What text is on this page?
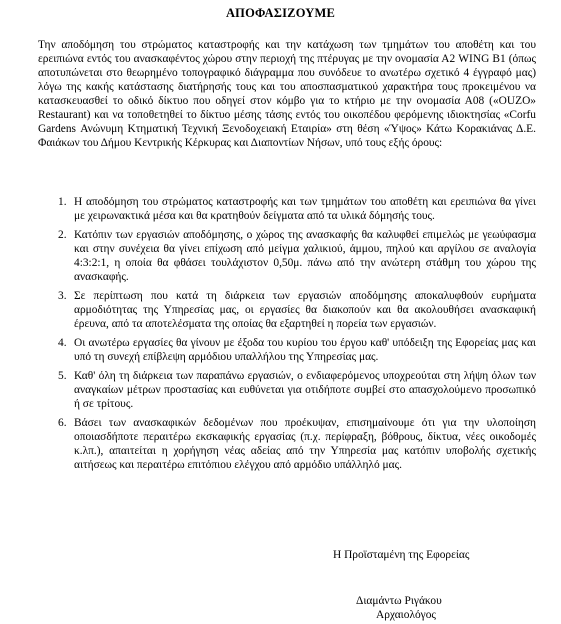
ΑΠΟΦΑΣΙΖΟΥΜΕ

Την απoδόμηση του στρώματος καταστροφής και την κατάχωση των τμημάτων του αποθέτη και του ερειπιώνα εντός του ανασκαφέντος χώρου στην περιοχή της πτέρυγας με την ονομασία Α2 WING B1 (όπως αποτυπώνεται στο θεωρημένο τοπογραφικό διάγραμμα που συνόδευε το ανωτέρω σχετικό 4 έγγραφό μας) λόγω της κακής κατάστασης διατήρησής τους και του αποσπασματικού χαρακτήρα τους προκειμένου να κατασκευασθεί το οδικό δίκτυο που οδηγεί στον κόμβο για το κτήριο με την ονομασία Α08 («OUZO» Restaurant) και να τοποθετηθεί το δίκτυο μέσης τάσης εντός του οικοπέδου φερόμενης ιδιοκτησίας «Corfu Gardens Ανώνυμη Κτηματική Τεχνική Ξενοδοχειακή Εταιρία» στη θέση «Ύψος» Κάτω Κορακιάνας Δ.Ε. Φαιάκων του Δήμου Κεντρικής Κέρκυρας και Διαποντίων Νήσων, υπό τους εξής όρους:

1. Η απoδόμηση του στρώματος καταστροφής και των τμημάτων του αποθέτη και ερειπιώνα θα γίνει με χειρωνακτικά μέσα και θα κρατηθούν δείγματα από τα υλικά δόμησής τους.
2. Κατόπιν των εργασιών αποδόμησης, ο χώρος της ανασκαφής θα καλυφθεί επιμελώς με γεωύφασμα και στην συνέχεια θα γίνει επίχωση από μείγμα χαλικιού, άμμου, πηλού και αργίλου σε αναλογία 4:3:2:1, η οποία θα φθάσει τουλάχιστον 0,50μ. πάνω από την ανώτερη στάθμη του χώρου της ανασκαφής.
3. Σε περίπτωση που κατά τη διάρκεια των εργασιών αποδόμησης αποκαλυφθούν ευρήματα αρμοδιότητας της Υπηρεσίας μας, οι εργασίες θα διακοπούν και θα ακολουθήσει ανασκαφική έρευνα, από τα αποτελέσματα της οποίας θα εξαρτηθεί η πορεία των εργασιών.
4. Οι ανωτέρω εργασίες θα γίνουν με έξοδα του κυρίου του έργου καθ' υπόδειξη της Εφορείας μας και υπό τη συνεχή επίβλεψη αρμόδιου υπαλλήλου της Υπηρεσίας μας.
5. Καθ' όλη τη διάρκεια των παραπάνω εργασιών, ο ενδιαφερόμενος υποχρεούται στη λήψη όλων των αναγκαίων μέτρων προστασίας και ευθύνεται για οτιδήποτε συμβεί στο απασχολούμενο προσωπικό ή σε τρίτους.
6. Βάσει των ανασκαφικών δεδομένων που προέκυψαν, επισημαίνουμε ότι για την υλοποίηση οποιασδήποτε περαιτέρω εκσκαφικής εργασίας (π.χ. περίφραξη, βόθρους, δίκτυα, νέες οικοδομές κ.λπ.), απαιτείται η χορήγηση νέας αδείας από την Υπηρεσία μας κατόπιν υποβολής σχετικής αιτήσεως και περαιτέρω επιτόπιου ελέγχου από αρμόδιο υπάλληλό μας.
Η Προϊσταμένη της Εφορείας
Διαμάντω Ριγάκου
Αρχαιολόγος
